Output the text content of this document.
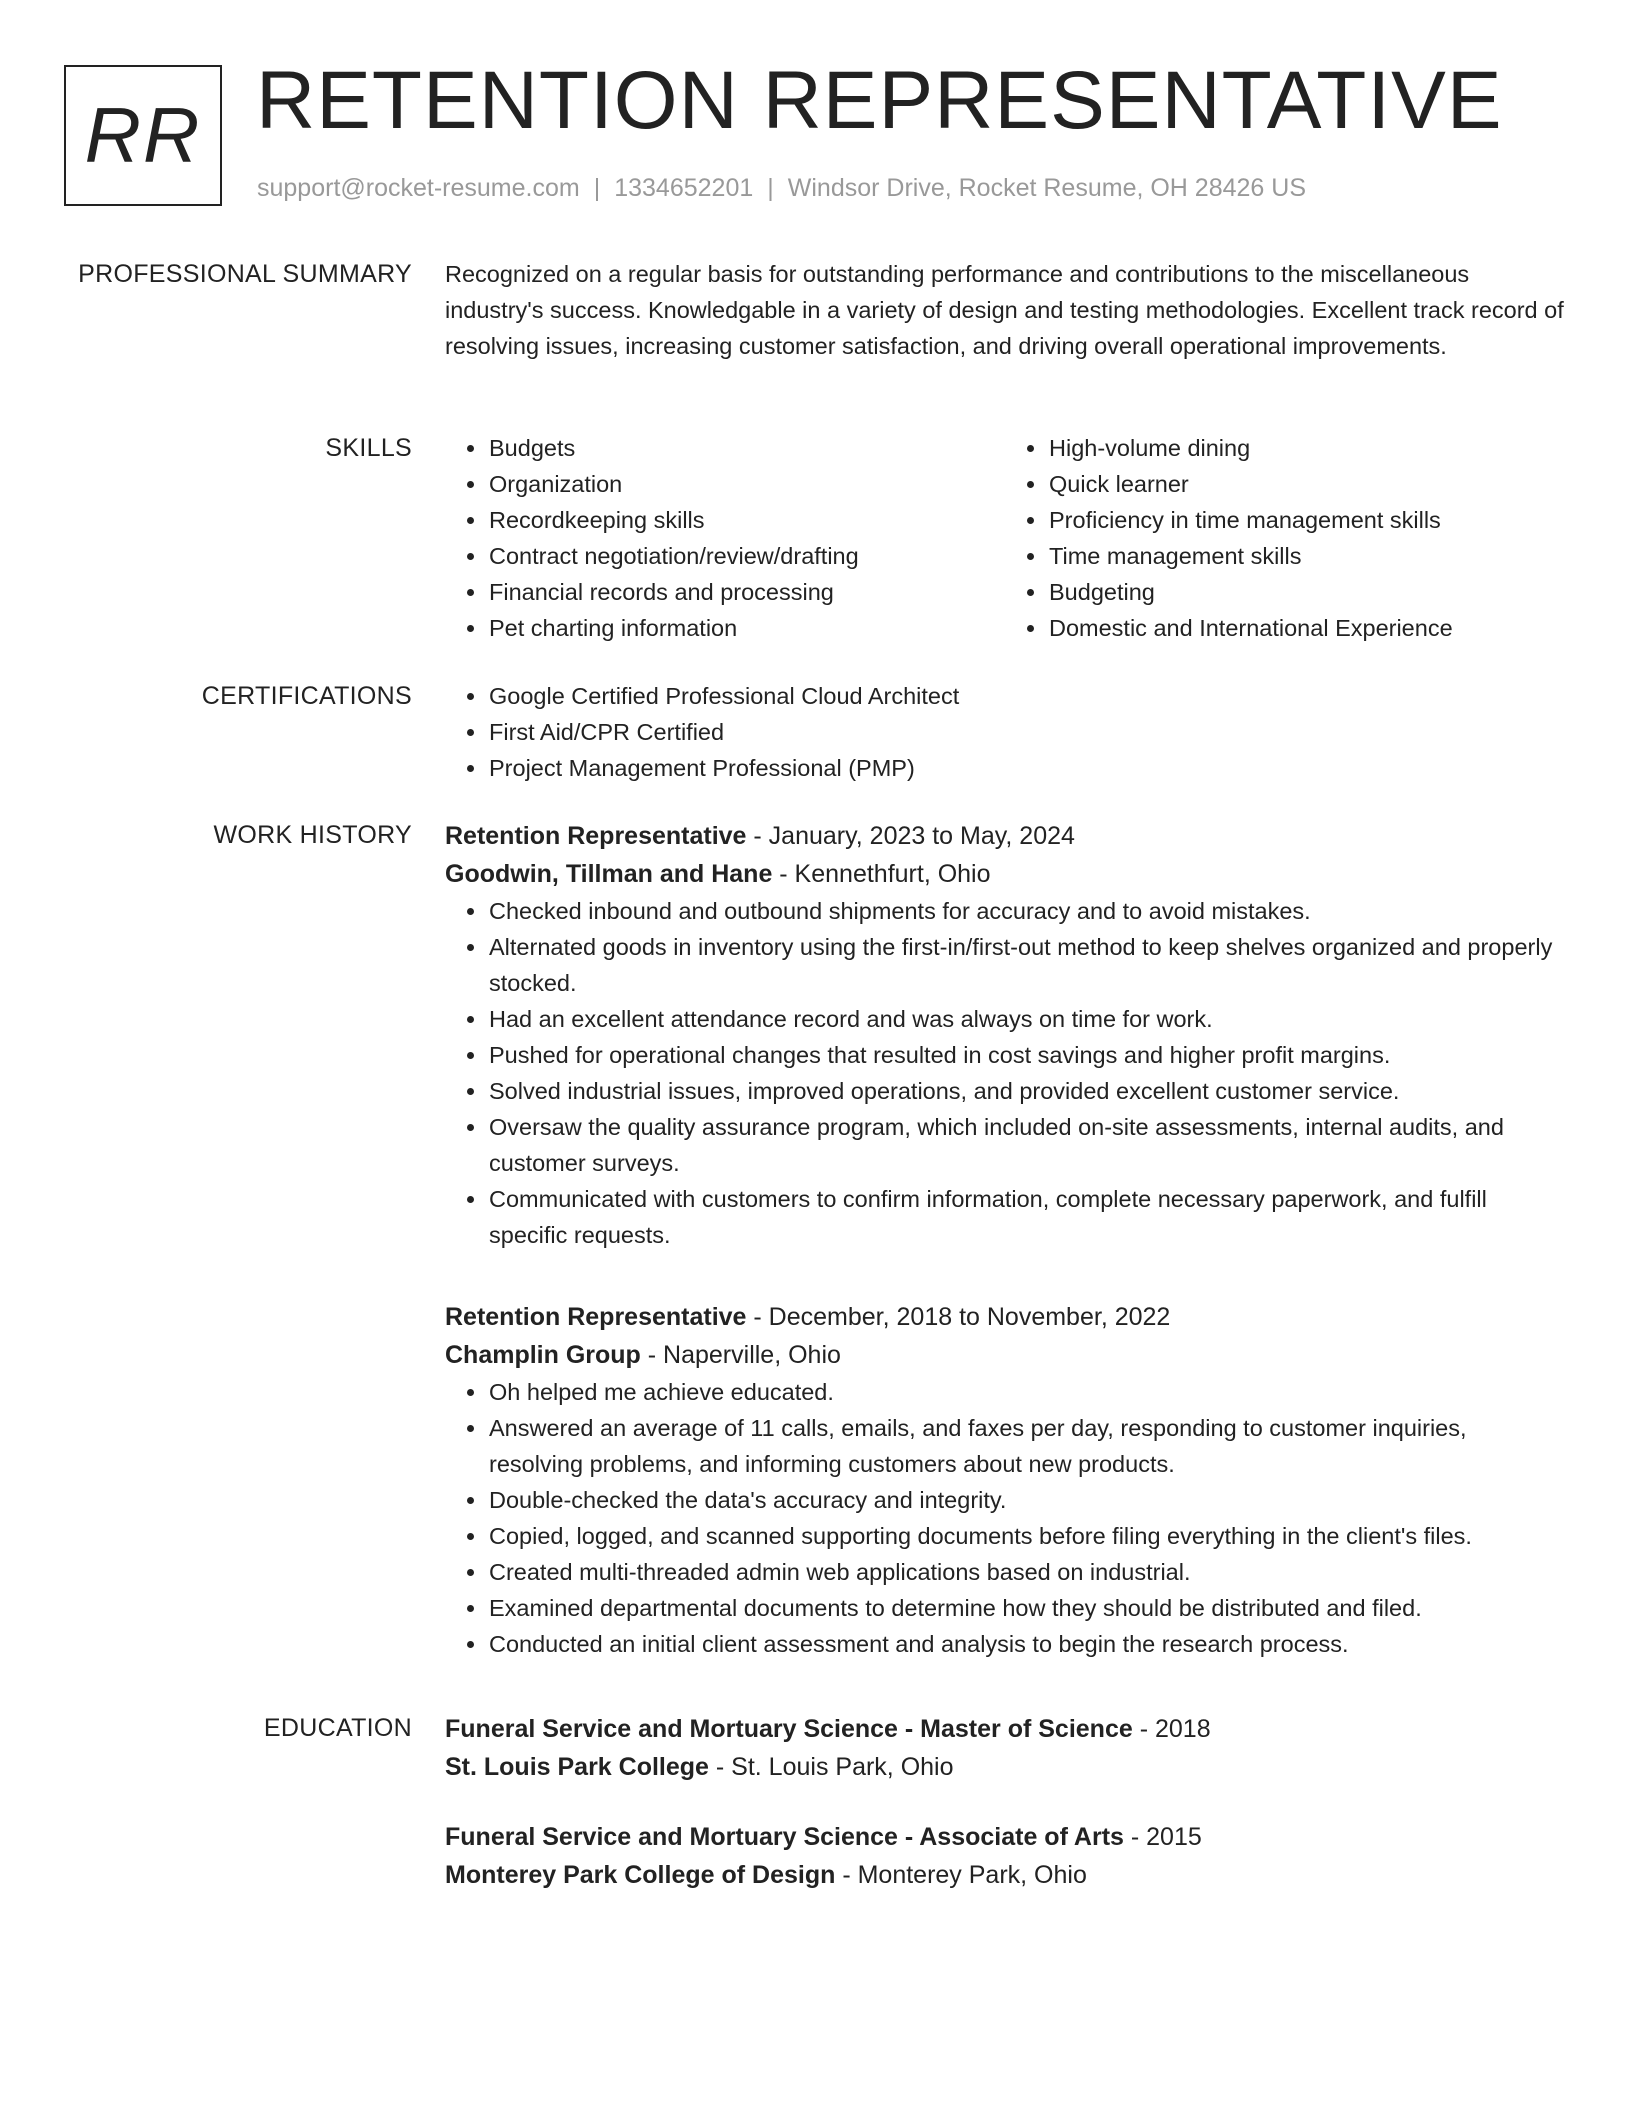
RR RETENTION REPRESENTATIVE
support@rocket-resume.com | 1334652201 | Windsor Drive, Rocket Resume, OH 28426 US
PROFESSIONAL SUMMARY Recognized on a regular basis for outstanding performance and contributions to the miscellaneous industry's success. Knowledgable in a variety of design and testing methodologies. Excellent track record of resolving issues, increasing customer satisfaction, and driving overall operational improvements.
SKILLS	• Budgets
• Organization
• Recordkeeping skills
• Contract negotiation/review/drafting
• Financial records and processing
• Pet charting information
• High-volume dining
• Quick learner
• Proficiency in time management skills
• Time management skills
• Budgeting
• Domestic and International Experience
CERTIFICATIONS	• Google Certified Professional Cloud Architect
• First Aid/CPR Certified
• Project Management Professional (PMP)
WORK HISTORY Retention Representative - January, 2023 to May, 2024
Goodwin, Tillman and Hane - Kennethfurt, Ohio
• Checked inbound and outbound shipments for accuracy and to avoid mistakes.
• Alternated goods in inventory using the first-in/first-out method to keep shelves organized and properly stocked.
• Had an excellent attendance record and was always on time for work.
• Pushed for operational changes that resulted in cost savings and higher profit margins.
• Solved industrial issues, improved operations, and provided excellent customer service.
• Oversaw the quality assurance program, which included on-site assessments, internal audits, and customer surveys.
• Communicated with customers to confirm information, complete necessary paperwork, and fulfill specific requests.
Retention Representative - December, 2018 to November, 2022
Champlin Group - Naperville, Ohio
• Oh helped me achieve educated.
• Answered an average of 11 calls, emails, and faxes per day, responding to customer inquiries, resolving problems, and informing customers about new products.
• Double-checked the data's accuracy and integrity.
• Copied, logged, and scanned supporting documents before filing everything in the client's files.
• Created multi-threaded admin web applications based on industrial.
• Examined departmental documents to determine how they should be distributed and filed.
• Conducted an initial client assessment and analysis to begin the research process.
EDUCATION Funeral Service and Mortuary Science - Master of Science - 2018
St. Louis Park College - St. Louis Park, Ohio
Funeral Service and Mortuary Science - Associate of Arts - 2015
Monterey Park College of Design - Monterey Park, Ohio
